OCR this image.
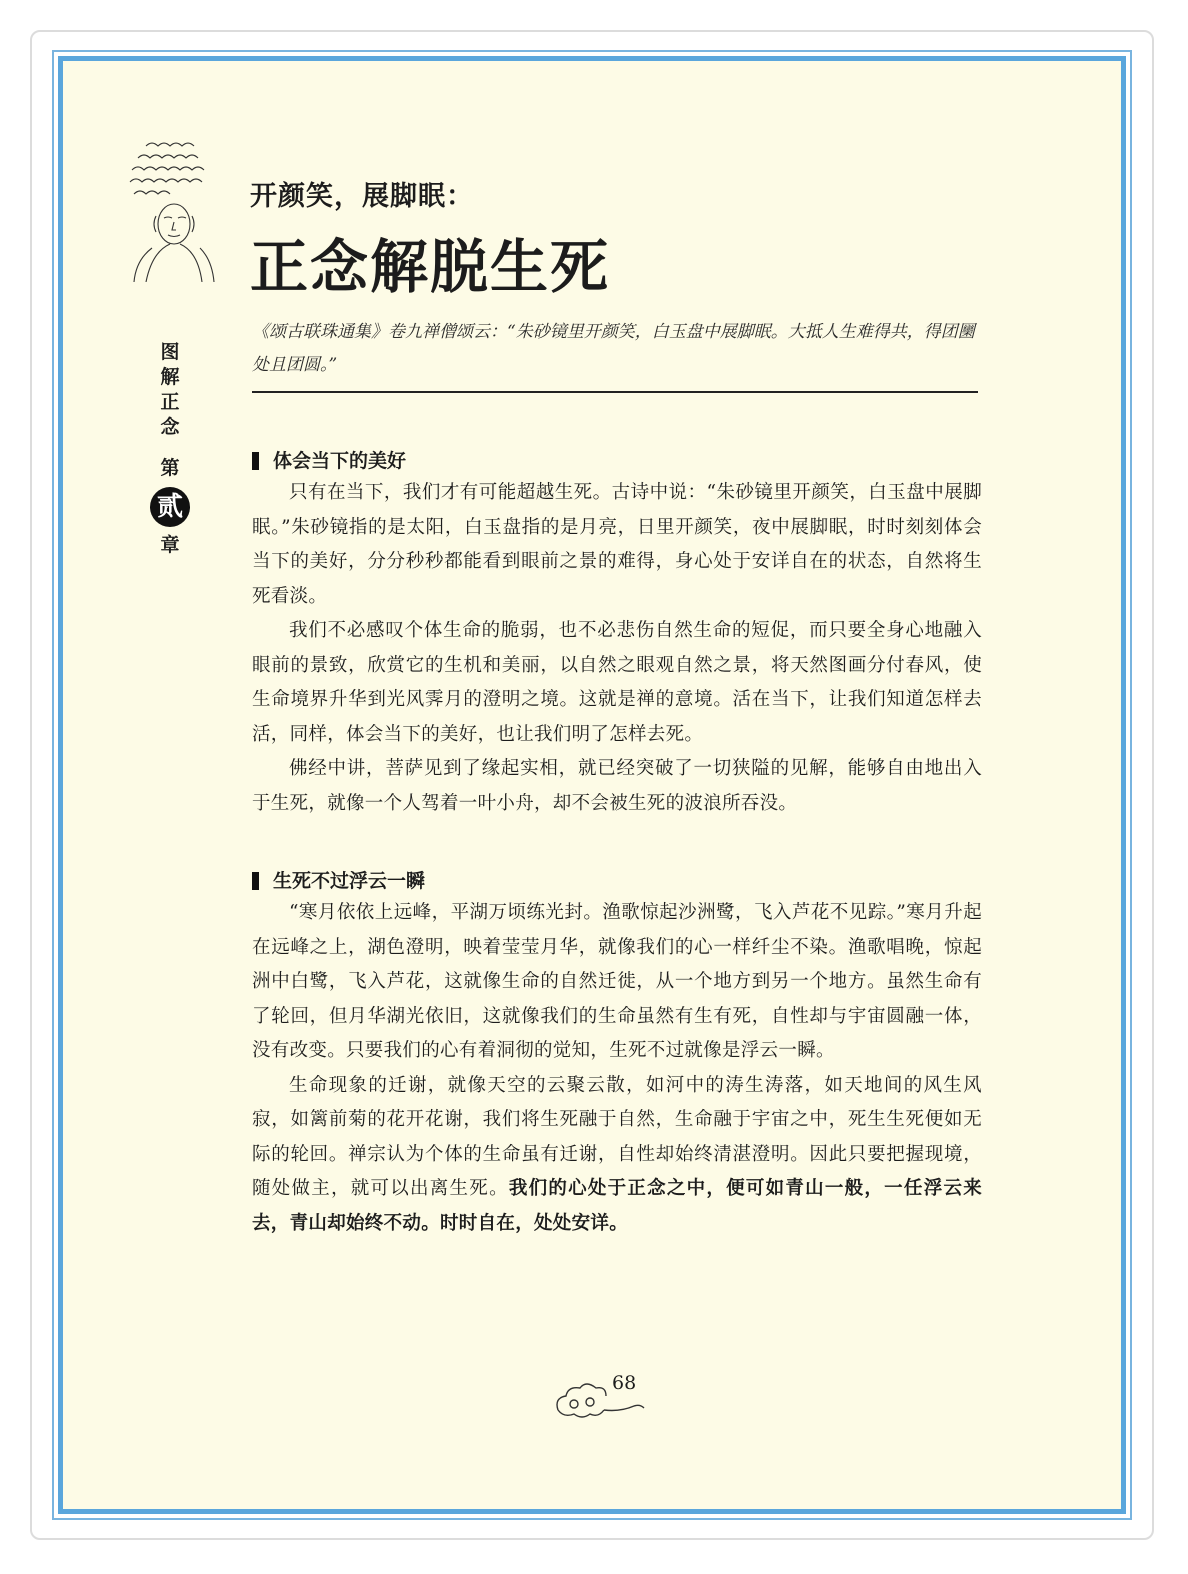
图
解
正
念
第
贰
章
开颜笑，展脚眠：
正念解脱生死
《颂古联珠通集》卷九禅僧颂云：“朱砂镜里开颜笑，白玉盘中展脚眠。大抵人生难得共，得团圞处且团圆。”
体会当下的美好

只有在当下，我们才有可能超越生死。古诗中说：“朱砂镜里开颜笑，白玉盘中展脚眠。”朱砂镜指的是太阳，白玉盘指的是月亮，日里开颜笑，夜中展脚眠，时时刻刻体会当下的美好，分分秒秒都能看到眼前之景的难得，身心处于安详自在的状态，自然将生死看淡。

我们不必感叹个体生命的脆弱，也不必悲伤自然生命的短促，而只要全身心地融入眼前的景致，欣赏它的生机和美丽，以自然之眼观自然之景，将天然图画分付春风，使生命境界升华到光风霁月的澄明之境。这就是禅的意境。活在当下，让我们知道怎样去活，同样，体会当下的美好，也让我们明了怎样去死。

佛经中讲，菩萨见到了缘起实相，就已经突破了一切狭隘的见解，能够自由地出入于生死，就像一个人驾着一叶小舟，却不会被生死的波浪所吞没。

生死不过浮云一瞬

“寒月依依上远峰，平湖万顷练光封。渔歌惊起沙洲鹭，飞入芦花不见踪。”寒月升起在远峰之上，湖色澄明，映着莹莹月华，就像我们的心一样纤尘不染。渔歌唱晚，惊起洲中白鹭，飞入芦花，这就像生命的自然迁徙，从一个地方到另一个地方。虽然生命有了轮回，但月华湖光依旧，这就像我们的生命虽然有生有死，自性却与宇宙圆融一体，没有改变。只要我们的心有着洞彻的觉知，生死不过就像是浮云一瞬。

生命现象的迁谢，就像天空的云聚云散，如河中的涛生涛落，如天地间的风生风寂，如篱前菊的花开花谢，我们将生死融于自然，生命融于宇宙之中，死生生死便如无际的轮回。禅宗认为个体的生命虽有迁谢，自性却始终清湛澄明。因此只要把握现境，随处做主，就可以出离生死。我们的心处于正念之中，便可如青山一般，一任浮云来去，青山却始终不动。时时自在，处处安详。

68
